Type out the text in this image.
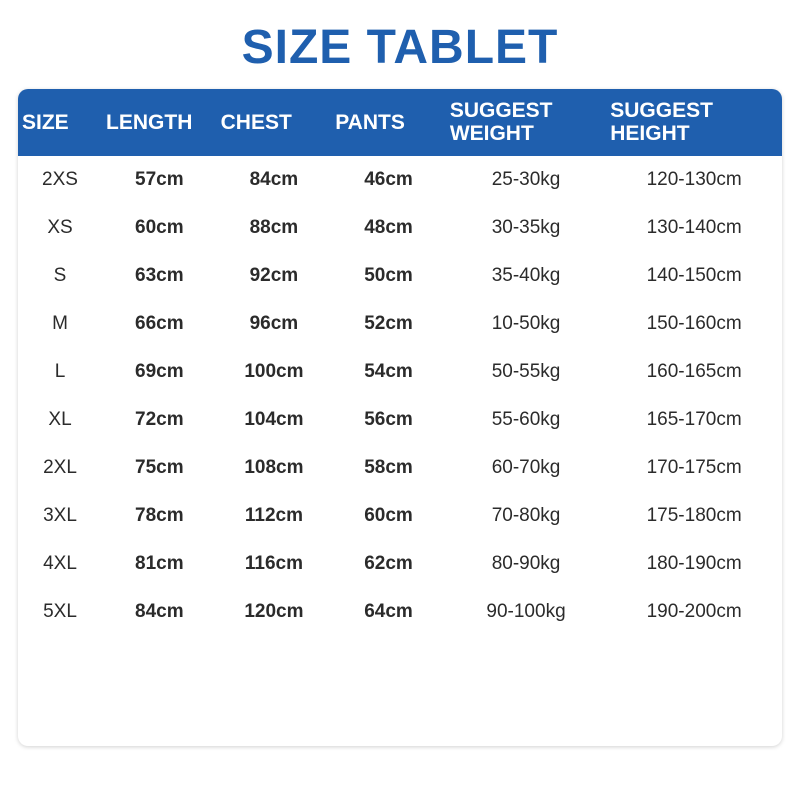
SIZE TABLET
SIZE	LENGTH	CHEST	PANTS	SUGGEST WEIGHT	SUGGEST HEIGHT
2XS	57cm	84cm	46cm	25-30kg	120-130cm
XS	60cm	88cm	48cm	30-35kg	130-140cm
S	63cm	92cm	50cm	35-40kg	140-150cm
M	66cm	96cm	52cm	10-50kg	150-160cm
L	69cm	100cm	54cm	50-55kg	160-165cm
XL	72cm	104cm	56cm	55-60kg	165-170cm
2XL	75cm	108cm	58cm	60-70kg	170-175cm
3XL	78cm	112cm	60cm	70-80kg	175-180cm
4XL	81cm	116cm	62cm	80-90kg	180-190cm
5XL	84cm	120cm	64cm	90-100kg	190-200cm
